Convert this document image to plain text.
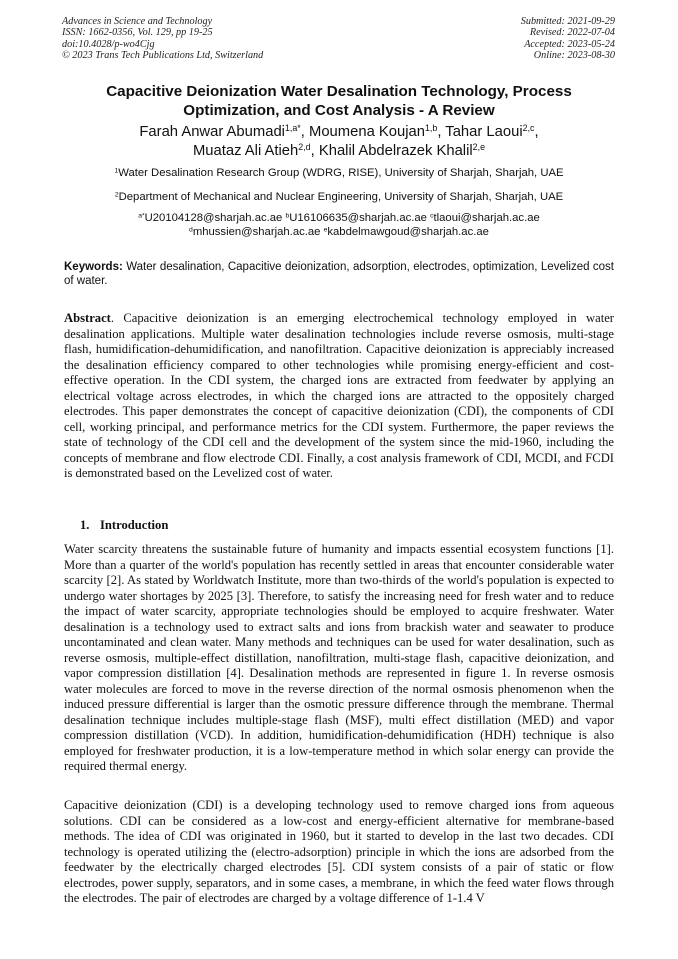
Advances in Science and Technology
ISSN: 1662-0356, Vol. 129, pp 19-25
doi:10.4028/p-wo4Cjg
© 2023 Trans Tech Publications Ltd, Switzerland
Submitted: 2021-09-29
Revised: 2022-07-04
Accepted: 2023-05-24
Online: 2023-08-30
Capacitive Deionization Water Desalination Technology, Process Optimization, and Cost Analysis - A Review
Farah Anwar Abumadi$^{1,a*}$, Moumena Koujan$^{1,b}$, Tahar Laoui$^{2,c}$,
Muataz Ali Atieh$^{2,d}$, Khalil Abdelrazek Khalil$^{2,e}$
$^1$Water Desalination Research Group (WDRG, RISE), University of Sharjah, Sharjah, UAE
$^2$Department of Mechanical and Nuclear Engineering, University of Sharjah, Sharjah, UAE
$^{a*}$U20104128@sharjah.ac.ae $^b$U16106635@sharjah.ac.ae $^c$tlaoui@sharjah.ac.ae
$^d$mhussien@sharjah.ac.ae $^e$kabdelmawgoud@sharjah.ac.ae
Keywords: Water desalination, Capacitive deionization, adsorption, electrodes, optimization, Levelized cost of water.

Abstract. Capacitive deionization is an emerging electrochemical technology employed in water desalination applications. Multiple water desalination technologies include reverse osmosis, multi-stage flash, humidification-dehumidification, and nanofiltration. Capacitive deionization is appreciably increased the desalination efficiency compared to other technologies while promising energy-efficient and cost-effective operation. In the CDI system, the charged ions are extracted from feedwater by applying an electrical voltage across electrodes, in which the charged ions are attracted to the oppositely charged electrodes. This paper demonstrates the concept of capacitive deionization (CDI), the components of CDI cell, working principal, and performance metrics for the CDI system. Furthermore, the paper reviews the state of technology of the CDI cell and the development of the system since the mid-1960, including the concepts of membrane and flow electrode CDI. Finally, a cost analysis framework of CDI, MCDI, and FCDI is demonstrated based on the Levelized cost of water.

1. Introduction

Water scarcity threatens the sustainable future of humanity and impacts essential ecosystem functions [1]. More than a quarter of the world's population has recently settled in areas that encounter considerable water scarcity [2]. As stated by Worldwatch Institute, more than two-thirds of the world's population is expected to undergo water shortages by 2025 [3]. Therefore, to satisfy the increasing need for fresh water and to reduce the impact of water scarcity, appropriate technologies should be employed to acquire freshwater. Water desalination is a technology used to extract salts and ions from brackish water and seawater to produce uncontaminated and clean water. Many methods and techniques can be used for water desalination, such as reverse osmosis, multiple-effect distillation, nanofiltration, multi-stage flash, capacitive deionization, and vapor compression distillation [4]. Desalination methods are represented in figure 1. In reverse osmosis water molecules are forced to move in the reverse direction of the normal osmosis phenomenon when the induced pressure differential is larger than the osmotic pressure difference through the membrane. Thermal desalination technique includes multiple-stage flash (MSF), multi effect distillation (MED) and vapor compression distillation (VCD). In addition, humidification-dehumidification (HDH) technique is also employed for freshwater production, it is a low-temperature method in which solar energy can provide the required thermal energy.

Capacitive deionization (CDI) is a developing technology used to remove charged ions from aqueous solutions. CDI can be considered as a low-cost and energy-efficient alternative for membrane-based methods. The idea of CDI was originated in 1960, but it started to develop in the last two decades. CDI technology is operated utilizing the (electro-adsorption) principle in which the ions are adsorbed from the feedwater by the electrically charged electrodes [5]. CDI system consists of a pair of static or flow electrodes, power supply, separators, and in some cases, a membrane, in which the feed water flows through the electrodes. The pair of electrodes are charged by a voltage difference of 1-1.4 V
